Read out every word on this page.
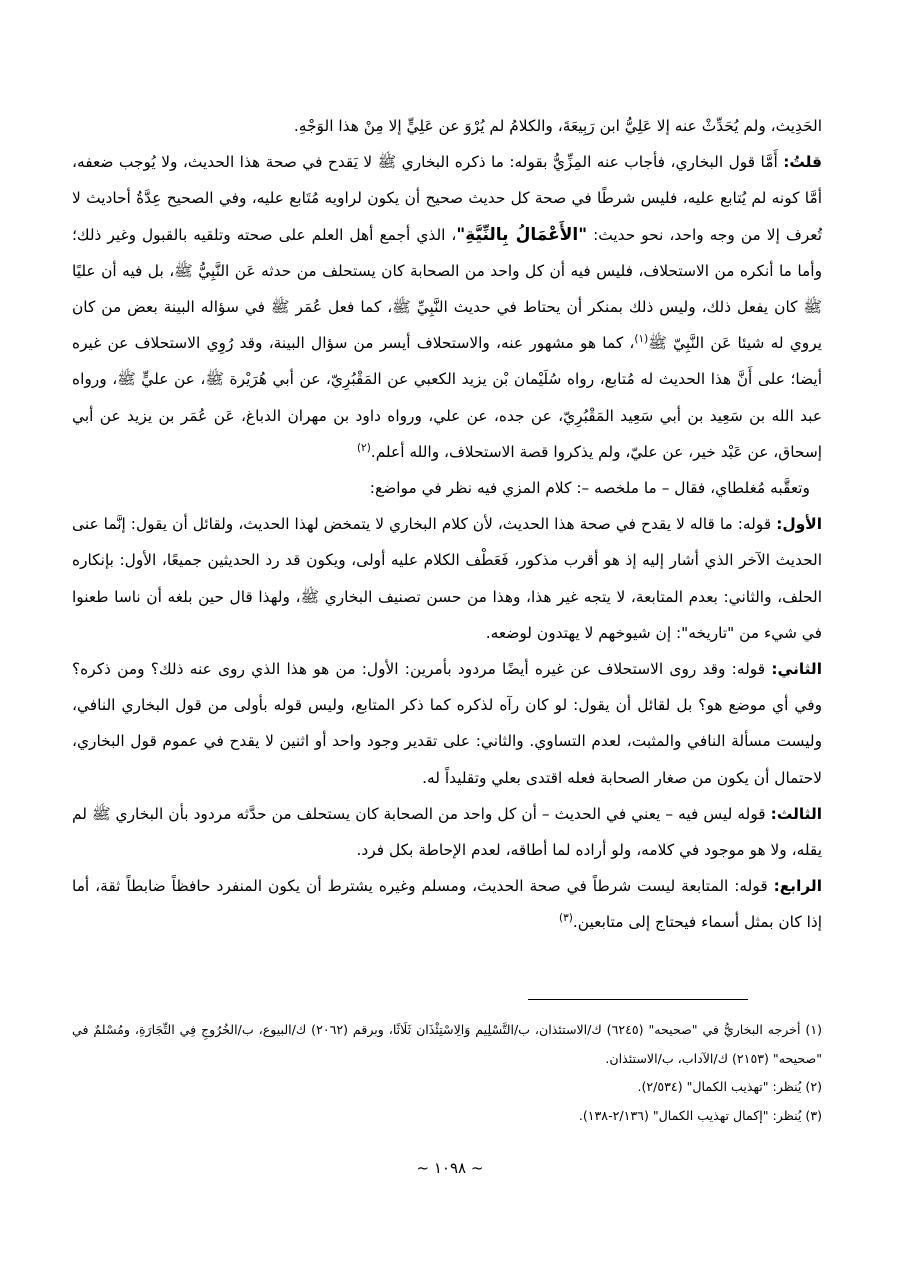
الحَدِيث، ولم يُحَدِّثْ عنه إلا عَلِيُّ ابن رَبِيعَةَ، والكلامُ لم يُرْوَ عن عَلِيٍّ إلا مِنْ هذا الوَجْهِ.

قلتُ: أَمَّا قول البخاري، فأجاب عنه المِزِّيُّ بقوله: ما ذكره البخاري ﷺ لا يَقدح في صحة هذا الحديث، ولا يُوجب ضعفه، أمَّا كونه لم يُتابع عليه، فليس شرطًا في صحة كل حديث صحيح أن يكون لراويه مُتَابع عليه، وفي الصحيح عِدَّةُ أحاديث لا تُعرف إلا من وجه واحد، نحو حديث: "الأَعْمَالُ بِالنِّيَّةِ"، الذي أجمع أهل العلم على صحته وتلقيه بالقبول وغير ذلك؛ وأما ما أنكره من الاستحلاف، فليس فيه أن كل واحد من الصحابة كان يستحلف من حدثه عَن النَّبِيُّ ﷺ، بل فيه أن عليًا ﷺ كان يفعل ذلك، وليس ذلك بمنكر أن يحتاط في حديث النَّبِيِّ ﷺ، كما فعل عُمَر ﷺ في سؤاله البينة بعض من كان يروي له شيئا عَن النَّبِيّ ﷺ$^{(١)}$، كما هو مشهور عنه، والاستحلاف أيسر من سؤال البينة، وقد رُوِي الاستحلاف عن غيره أيضا؛ على أَنَّ هذا الحديث له مُتابع، رواه سُلَيْمان بْن يزيد الكعبي عن المَقْبُرِيّ، عن أبي هُرَيْرة ﷺ، عن عليٍّ ﷺ، ورواه عبد الله بن سَعِيد بن أبي سَعِيد المَقْبُرِيّ، عن جده، عن علي، ورواه داود بن مهران الدباغ، عَن عُمَر بن يزيد عن أبي إسحاق، عن عَبْد خير، عن عليّ، ولم يذكروا قصة الاستحلاف، والله أعلم.$^{(٢)}$

وتعقَّبه مُغلطاي، فقال – ما ملخصه –: كلام المزي فيه نظر في مواضع:

الأول: قوله: ما قاله لا يقدح في صحة هذا الحديث، لأن كلام البخاري لا يتمخض لهذا الحديث، ولقائل أن يقول: إنَّما عنى الحديث الآخر الذي أشار إليه إذ هو أقرب مذكور، فَعَطْف الكلام عليه أولى، ويكون قد رد الحديثين جميعًا، الأول: بإنكاره الحلف، والثاني: بعدم المتابعة، لا يتجه غير هذا، وهذا من حسن تصنيف البخاري ﷺ، ولهذا قال حين بلغه أن ناسا طعنوا في شيء من "تاريخه": إن شيوخهم لا يهتدون لوضعه.

الثاني: قوله: وقد روى الاستحلاف عن غيره أيضًا مردود بأمرين: الأول: من هو هذا الذي روى عنه ذلك؟ ومن ذكره؟ وفي أي موضع هو؟ بل لقائل أن يقول: لو كان رآه لذكره كما ذكر المتابع، وليس قوله بأولى من قول البخاري النافي، وليست مسألة النافي والمثبت، لعدم التساوي. والثاني: على تقدير وجود واحد أو اثنين لا يقدح في عموم قول البخاري، لاحتمال أن يكون من صغار الصحابة فعله اقتدى بعلي وتقليداً له.

الثالث: قوله ليس فيه – يعني في الحديث – أن كل واحد من الصحابة كان يستحلف من حدَّثه مردود بأن البخاري ﷺ لم يقله، ولا هو موجود في كلامه، ولو أراده لما أطاقه، لعدم الإحاطة بكل فرد.

الرابع: قوله: المتابعة ليست شرطاً في صحة الحديث، ومسلم وغيره يشترط أن يكون المنفرد حافظاً ضابطاً ثقة، أما إذا كان بمثل أسماء فيحتاج إلى متابعين.$^{(٣)}$

(١) أخرجه البخاريُّ في "صحيحه" (٦٢٤٥) ك/الاستئذان، ب/التَّسْلِيم وَالِاسْتِئْذَان ثَلَاثًا، وبرقم (٢٠٦٢) ك/البيوع، ب/الخُرُوجِ فِي التِّجَارَةِ، ومُسْلمٌ في "صحيحه" (٢١٥٣) ك/الآداب، ب/الاستئذان.

(٢) يُنظر: "تهذيب الكمال" (٢/٥٣٤).

(٣) يُنظر: "إكمال تهذيب الكمال" (٢/١٣٦-١٣٨).

~ ١٠٩٨ ~
